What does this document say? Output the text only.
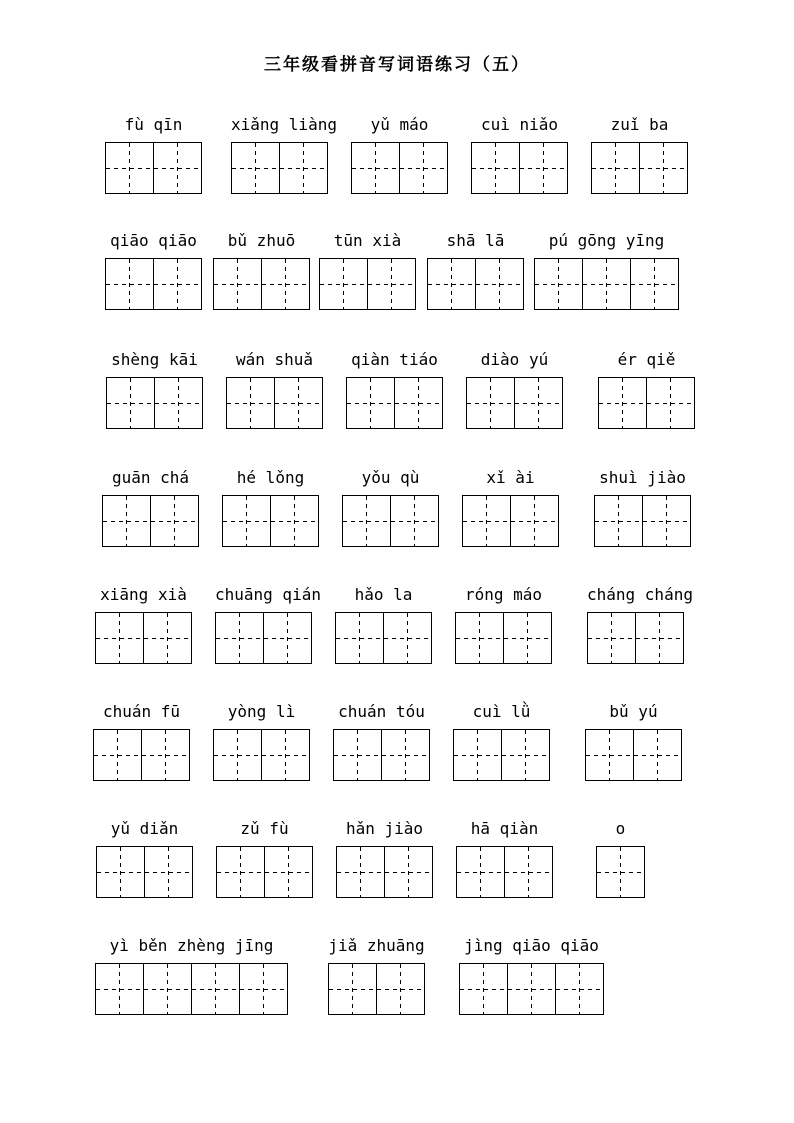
三年级看拼音写词语练习（五）
fù qīn	xiǎng liàng	yǔ máo	cuì niǎo	zuǐ ba
qiāo qiāo	bǔ zhuō	tūn xià	shā lā	pú gōng yīng
shèng kāi	wán shuǎ	qiàn tiáo	diào yú	ér qiě
guān chá	hé lǒng	yǒu qù	xǐ ài	shuì jiào
xiāng xià	chuāng qián	hǎo la	róng máo	cháng cháng
chuán fū	yòng lì	chuán tóu	cuì lǜ	bǔ yú
yǔ diǎn	zǔ fù	hǎn jiào	hā qiàn	o
yì běn zhèng jīng	jiǎ zhuāng	jìng qiāo qiāo
